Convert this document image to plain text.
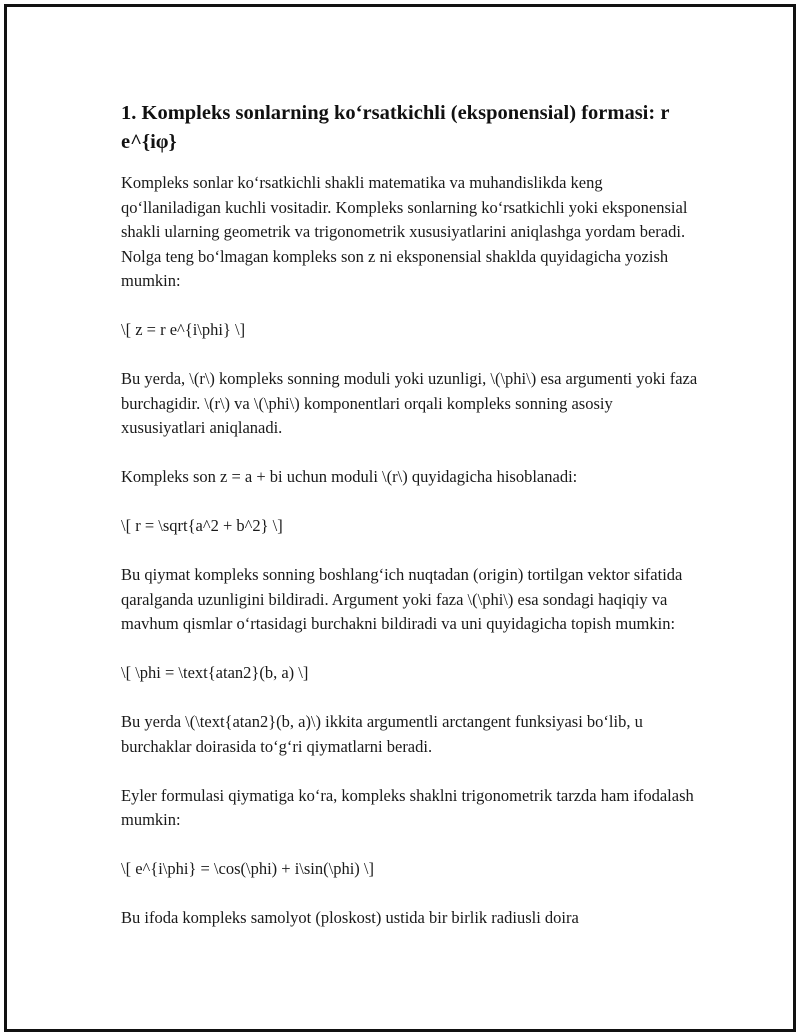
1. Kompleks sonlarning ko‘rsatkichli (eksponensial) formasi: r e^{iφ}

Kompleks sonlar ko‘rsatkichli shakli matematika va muhandislikda keng qo‘llaniladigan kuchli vositadir. Kompleks sonlarning ko‘rsatkichli yoki eksponensial shakli ularning geometrik va trigonometrik xususiyatlarini aniqlashga yordam beradi. Nolga teng bo‘lmagan kompleks son z ni eksponensial shaklda quyidagicha yozish mumkin:

\[ z = r e^{i\phi} \]

Bu yerda, \(r\) kompleks sonning moduli yoki uzunligi, \(\phi\) esa argumenti yoki faza burchagidir. \(r\) va \(\phi\) komponentlari orqali kompleks sonning asosiy xususiyatlari aniqlanadi.

Kompleks son z = a + bi uchun moduli \(r\) quyidagicha hisoblanadi:

\[ r = \sqrt{a^2 + b^2} \]

Bu qiymat kompleks sonning boshlang‘ich nuqtadan (origin) tortilgan vektor sifatida qaralganda uzunligini bildiradi. Argument yoki faza \(\phi\) esa sondagi haqiqiy va mavhum qismlar o‘rtasidagi burchakni bildiradi va uni quyidagicha topish mumkin:

\[ \phi = \text{atan2}(b, a) \]

Bu yerda \(\text{atan2}(b, a)\) ikkita argumentli arctangent funksiyasi bo‘lib, u burchaklar doirasida to‘g‘ri qiymatlarni beradi.

Eyler formulasi qiymatiga ko‘ra, kompleks shaklni trigonometrik tarzda ham ifodalash mumkin:

\[ e^{i\phi} = \cos(\phi) + i\sin(\phi) \]

Bu ifoda kompleks samolyot (ploskost) ustida bir birlik radiusli doira
